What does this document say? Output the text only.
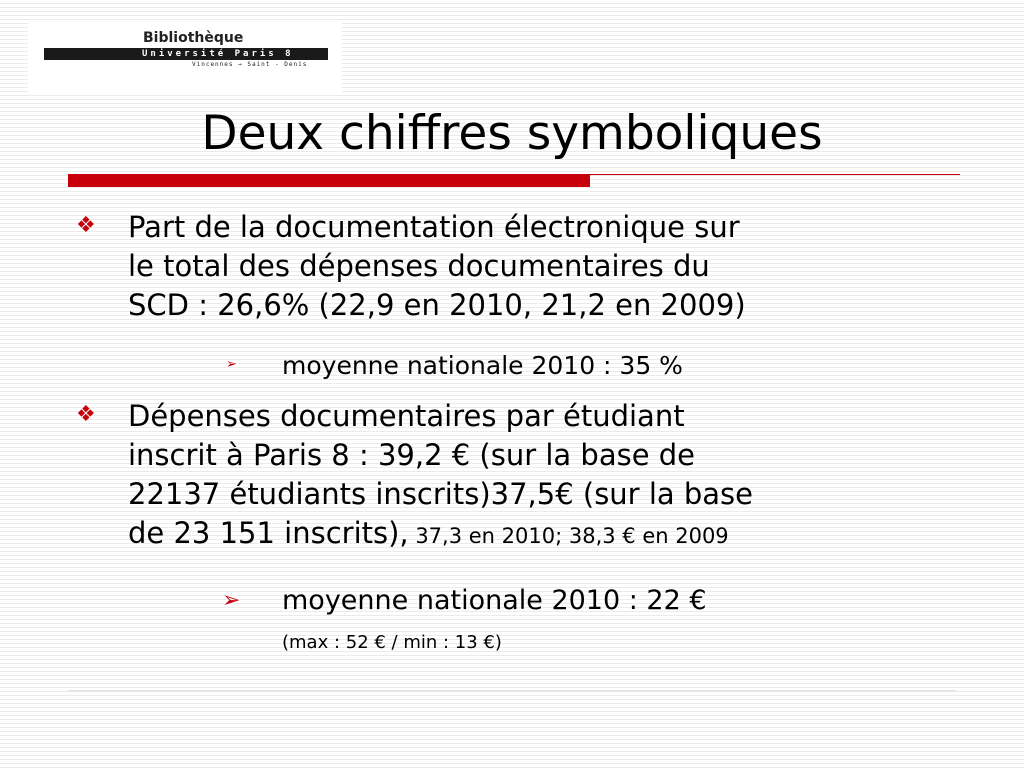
Bibliothèque
Université Paris 8
Vincennes → Saint - Denis
Deux chiffres symboliques
❖	Part de la documentation électronique sur
le total des dépenses documentaires du
SCD : 26,6% (22,9 en 2010, 21,2 en 2009)
➢	moyenne nationale 2010 : 35 %
❖	Dépenses documentaires par étudiant
inscrit à Paris 8 : 39,2 € (sur la base de
22137 étudiants inscrits)37,5€ (sur la base
de 23 151 inscrits), 37,3 en 2010; 38,3 € en 2009
➢ moyenne nationale 2010 : 22 €
(max : 52 € / min : 13 €)
